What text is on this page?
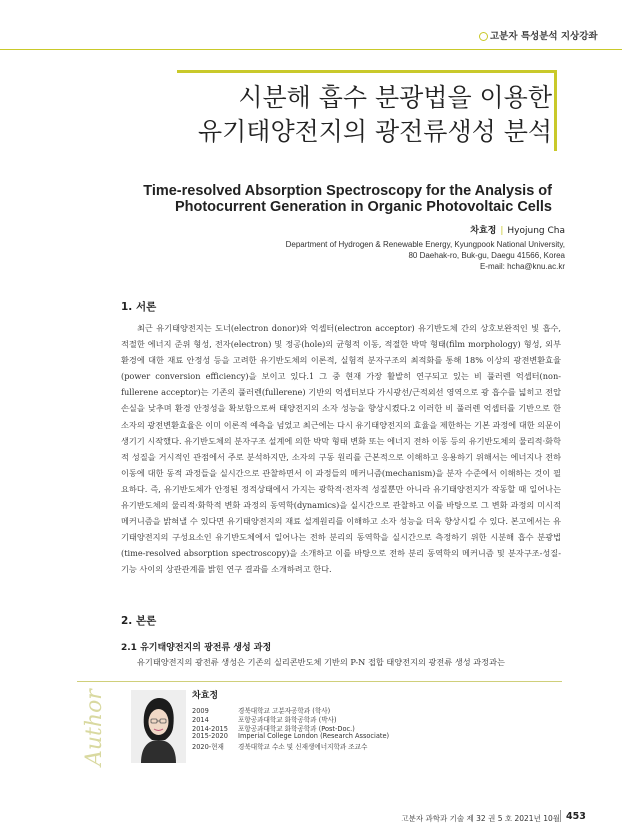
고분자 특성분석 지상강좌
시분해 흡수 분광법을 이용한
유기태양전지의 광전류생성 분석
Time-resolved Absorption Spectroscopy for the Analysis of
Photocurrent Generation in Organic Photovoltaic Cells
차효정 | Hyojung Cha
Department of Hydrogen & Renewable Energy, Kyungpook National University,
80 Daehak-ro, Buk-gu, Daegu 41566, Korea
E-mail: hcha@knu.ac.kr
1. 서론
최근 유기태양전지는 도너(electron donor)와 억셉터(electron acceptor) 유기반도체 간의 상호보완적인 빛 흡수, 적절한 에너지 준위 형성, 전자(electron) 및 정공(hole)의 균형적 이동, 적절한 박막 형태(film morphology) 형성, 외부환경에 대한 재료 안정성 등을 고려한 유기반도체의 이론적, 실험적 분자구조의 최적화를 통해 18% 이상의 광전변환효율(power conversion efficiency)을 보이고 있다.1 그 중 현재 가장 활발히 연구되고 있는 비 풀러렌 억셉터(non-fullerene acceptor)는 기존의 풀러렌(fullerene) 기반의 억셉터보다 가시광선/근적외선 영역으로 광 흡수를 넓히고 전압손실을 낮추며 환경 안정성을 확보함으로써 태양전지의 소자 성능을 향상시켰다.2 이러한 비 풀러렌 억셉터를 기반으로 한 소자의 광전변환효율은 이미 이론적 예측을 넘었고 최근에는 다시 유기태양전지의 효율을 제한하는 기본 과정에 대한 의문이 생기기 시작했다. 유기반도체의 분자구조 설계에 의한 박막 형태 변화 또는 에너지 전하 이동 등의 유기반도체의 물리적·화학적 성질을 거시적인 관점에서 주로 분석하지만, 소자의 구동 원리를 근본적으로 이해하고 응용하기 위해서는 에너지나 전하 이동에 대한 동적 과정들을 실시간으로 관찰하면서 이 과정들의 메커니즘(mechanism)을 분자 수준에서 이해하는 것이 필요하다. 즉, 유기반도체가 안정된 정적상태에서 가지는 광학적·전자적 성질뿐만 아니라 유기태양전지가 작동할 때 일어나는 유기반도체의 물리적·화학적 변화 과정의 동역학(dynamics)을 실시간으로 관찰하고 이를 바탕으로 그 변화 과정의 미시적 메커니즘을 밝혀낼 수 있다면 유기태양전지의 재료 설계원리를 이해하고 소자 성능을 더욱 향상시킬 수 있다. 본고에서는 유기태양전지의 구성요소인 유기반도체에서 일어나는 전하 분리의 동역학을 실시간으로 측정하기 위한 시분해 흡수 분광법(time-resolved absorption spectroscopy)을 소개하고 이를 바탕으로 전하 분리 동역학의 메커니즘 및 분자구조-성질-기능 사이의 상관관계를 밝힌 연구 결과를 소개하려고 한다.
2. 본론
2.1 유기태양전지의 광전류 생성 과정
유기태양전지의 광전류 생성은 기존의 실리콘반도체 기반의 P-N 접합 태양전지의 광전류 생성 과정과는
Author	차효정
2009	경북대학교 고분자공학과 (학사)
2014	포항공과대학교 화학공학과 (박사)
2014-2015 포항공과대학교 화학공학과 (Post-Doc.)
2015-2020 Imperial College London (Research Associate)
2020-현재 경북대학교 수소 및 신재생에너지학과 조교수
고분자 과학과 기술 제 32 권 5 호 2021년 10월 453
